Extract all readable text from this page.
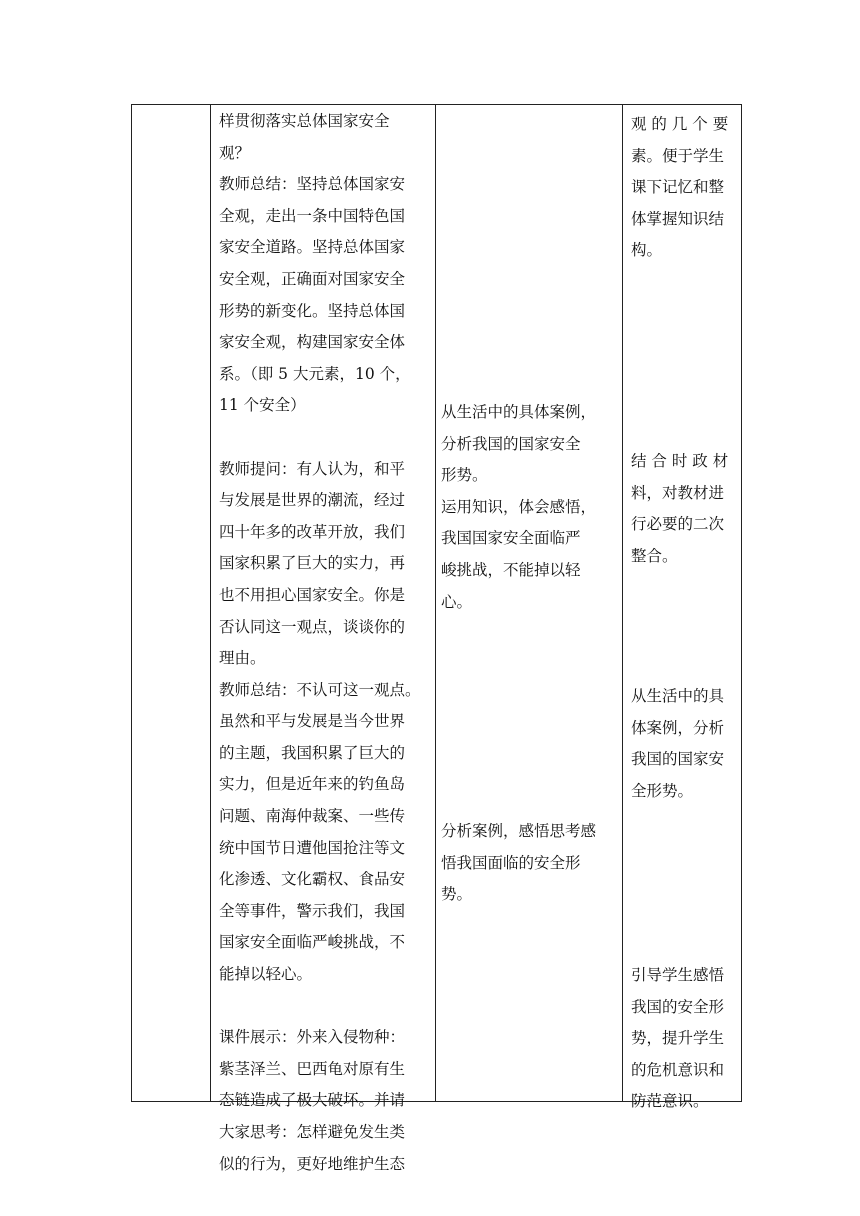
样贯彻落实总体国家安全

观？

教师总结：坚持总体国家安

全观，走出一条中国特色国

家安全道路。坚持总体国家

安全观，正确面对国家安全

形势的新变化。坚持总体国

家安全观，构建国家安全体

系。（即 5 大元素，10 个，

11 个安全）

教师提问：有人认为，和平

与发展是世界的潮流，经过

四十年多的改革开放，我们

国家积累了巨大的实力，再

也不用担心国家安全。你是

否认同这一观点，谈谈你的

理由。

教师总结：不认可这一观点。

虽然和平与发展是当今世界

的主题，我国积累了巨大的

实力，但是近年来的钓鱼岛

问题、南海仲裁案、一些传

统中国节日遭他国抢注等文

化渗透、文化霸权、食品安

全等事件，警示我们，我国

国家安全面临严峻挑战，不

能掉以轻心。

课件展示：外来入侵物种：

紫茎泽兰、巴西龟对原有生

态链造成了极大破坏。并请

大家思考：怎样避免发生类

似的行为，更好地维护生态

从生活中的具体案例，

分析我国的国家安全

形势。

运用知识，体会感悟，

我国国家安全面临严

峻挑战，不能掉以轻

心。

分析案例，感悟思考感

悟我国面临的安全形

势。

观 的 几 个 要

素。便于学生

课下记忆和整

体掌握知识结

构。

结 合 时 政 材

料，对教材进

行必要的二次

整合。

从生活中的具

体案例，分析

我国的国家安

全形势。

引导学生感悟

我国的安全形

势，提升学生

的危机意识和

防范意识。
